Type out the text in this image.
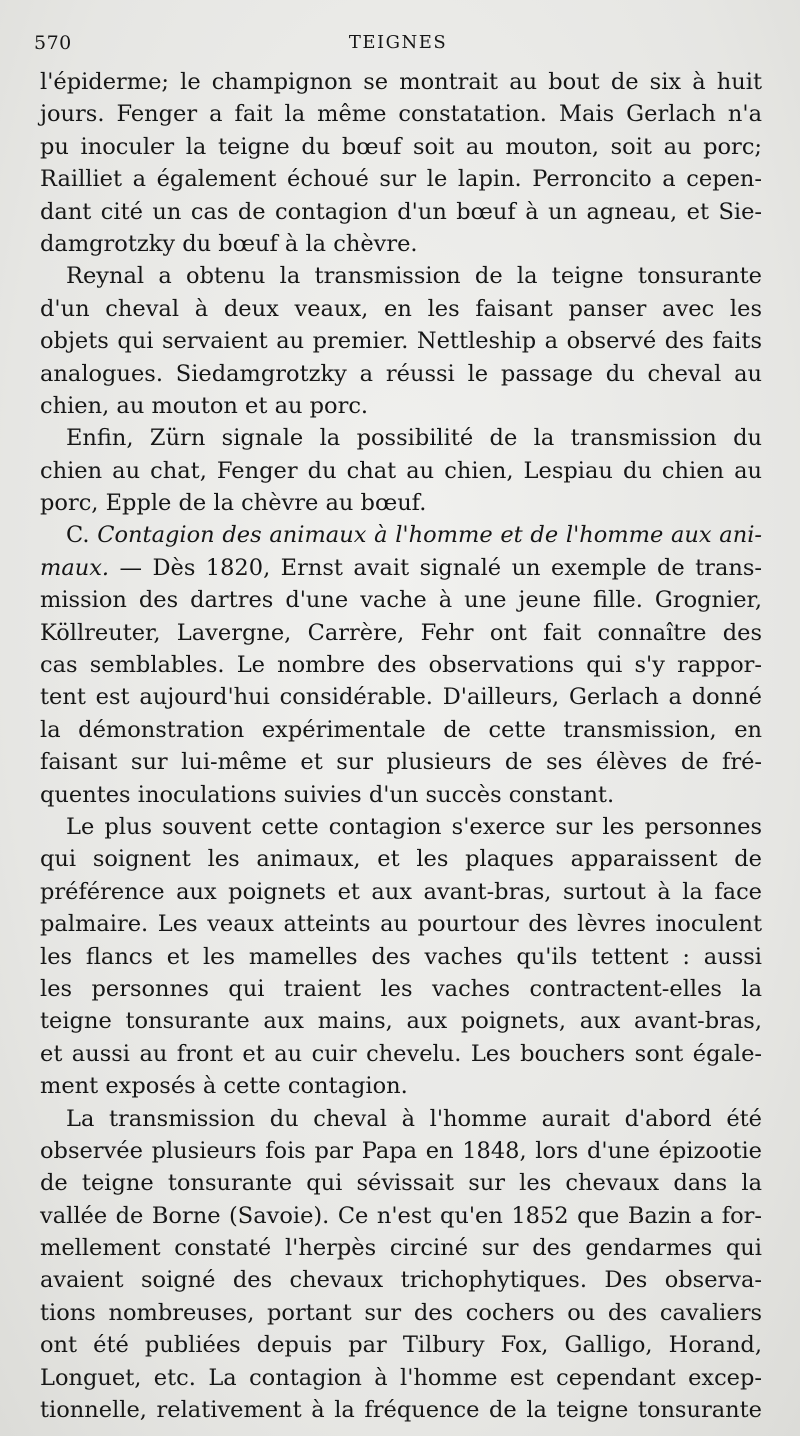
570	TEIGNES
l'épiderme; le champignon se montrait au bout de six à huit
jours. Fenger a fait la même constatation. Mais Gerlach n'a
pu inoculer la teigne du bœuf soit au mouton, soit au porc;
Railliet a également échoué sur le lapin. Perroncito a cepen-
dant cité un cas de contagion d'un bœuf à un agneau, et Sie-
damgrotzky du bœuf à la chèvre.
Reynal a obtenu la transmission de la teigne tonsurante
d'un cheval à deux veaux, en les faisant panser avec les
objets qui servaient au premier. Nettleship a observé des faits
analogues. Siedamgrotzky a réussi le passage du cheval au
chien, au mouton et au porc.
Enfin, Zürn signale la possibilité de la transmission du
chien au chat, Fenger du chat au chien, Lespiau du chien au
porc, Epple de la chèvre au bœuf.
C. Contagion des animaux à l'homme et de l'homme aux ani-
maux. — Dès 1820, Ernst avait signalé un exemple de trans-
mission des dartres d'une vache à une jeune fille. Grognier,
Köllreuter, Lavergne, Carrère, Fehr ont fait connaître des
cas semblables. Le nombre des observations qui s'y rappor-
tent est aujourd'hui considérable. D'ailleurs, Gerlach a donné
la démonstration expérimentale de cette transmission, en
faisant sur lui-même et sur plusieurs de ses élèves de fré-
quentes inoculations suivies d'un succès constant.
Le plus souvent cette contagion s'exerce sur les personnes
qui soignent les animaux, et les plaques apparaissent de
préférence aux poignets et aux avant-bras, surtout à la face
palmaire. Les veaux atteints au pourtour des lèvres inoculent
les flancs et les mamelles des vaches qu'ils tettent : aussi
les personnes qui traient les vaches contractent-elles la
teigne tonsurante aux mains, aux poignets, aux avant-bras,
et aussi au front et au cuir chevelu. Les bouchers sont égale-
ment exposés à cette contagion.
La transmission du cheval à l'homme aurait d'abord été
observée plusieurs fois par Papa en 1848, lors d'une épizootie
de teigne tonsurante qui sévissait sur les chevaux dans la
vallée de Borne (Savoie). Ce n'est qu'en 1852 que Bazin a for-
mellement constaté l'herpès circiné sur des gendarmes qui
avaient soigné des chevaux trichophytiques. Des observa-
tions nombreuses, portant sur des cochers ou des cavaliers
ont été publiées depuis par Tilbury Fox, Galligo, Horand,
Longuet, etc. La contagion à l'homme est cependant excep-
tionnelle, relativement à la fréquence de la teigne tonsurante
